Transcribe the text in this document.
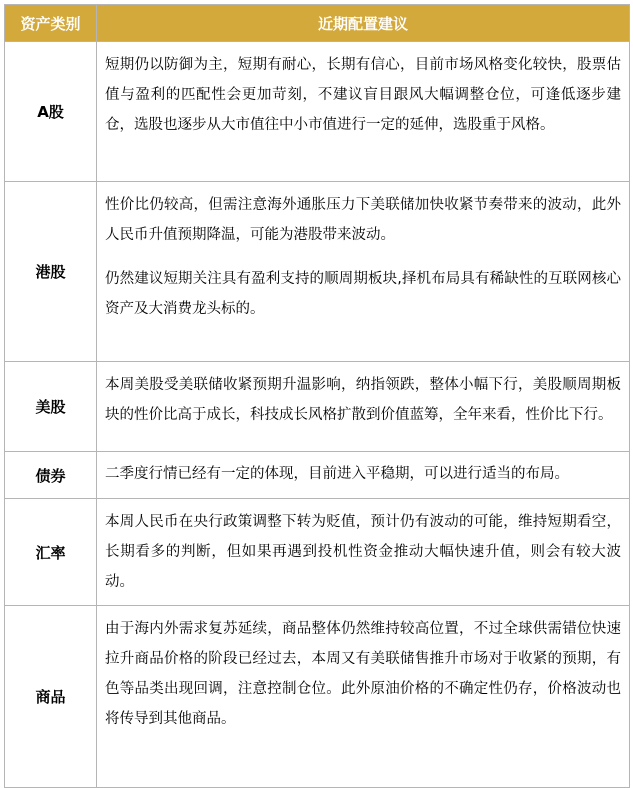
资产类别	近期配置建议
A股	短期仍以防御为主，短期有耐心，长期有信心，目前市场风格变化较快，股票估值与盈利的匹配性会更加苛刻，不建议盲目跟风大幅调整仓位，可逢低逐步建仓，选股也逐步从大市值往中小市值进行一定的延伸，选股重于风格。

港股	性价比仍较高，但需注意海外通胀压力下美联储加快收紧节奏带来的波动，此外人民币升值预期降温，可能为港股带来波动。

仍然建议短期关注具有盈利支持的顺周期板块,择机布局具有稀缺性的互联网核心资产及大消费龙头标的。

美股	本周美股受美联储收紧预期升温影响，纳指领跌，整体小幅下行，美股顺周期板块的性价比高于成长，科技成长风格扩散到价值蓝筹，全年来看，性价比下行。

债券	二季度行情已经有一定的体现，目前进入平稳期，可以进行适当的布局。

汇率	本周人民币在央行政策调整下转为贬值，预计仍有波动的可能，维持短期看空，长期看多的判断，但如果再遇到投机性资金推动大幅快速升值，则会有较大波动。

商品	由于海内外需求复苏延续，商品整体仍然维持较高位置，不过全球供需错位快速拉升商品价格的阶段已经过去，本周又有美联储售推升市场对于收紧的预期，有色等品类出现回调，注意控制仓位。此外原油价格的不确定性仍存，价格波动也将传导到其他商品。
